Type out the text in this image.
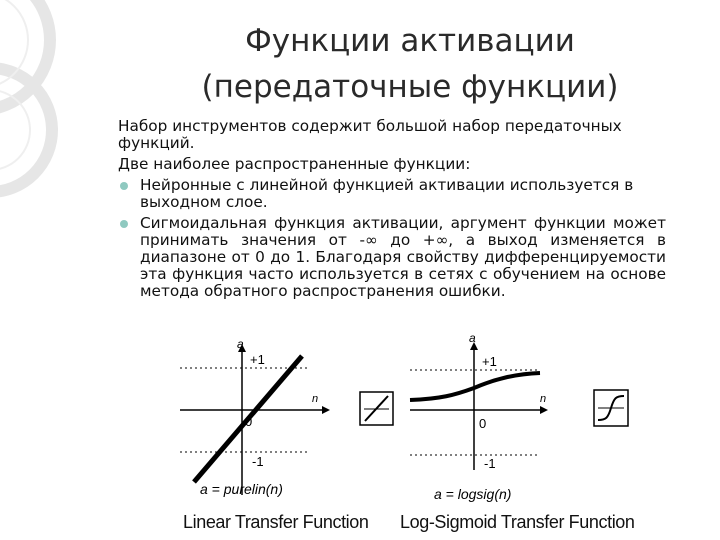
Функции активации
(передаточные функции)

Набор инструментов содержит большой набор передаточных функций.

Две наиболее распространенные функции:

Нейронные с линейной функцией активации используется в выходном слое.

Сигмоидальная функция активации, аргумент функции может принимать значения от -∞ до +∞, а выход изменяется в диапазоне от 0 до 1. Благодаря свойству дифференцируемости эта функция часто используется в сетях с обучением на основе метода обратного распространения ошибки.

a
n
+1
0
-1
a = purelin(n)
a
n
+1
0
-1
a = logsig(n)
Linear Transfer Function Log-Sigmoid Transfer Function
